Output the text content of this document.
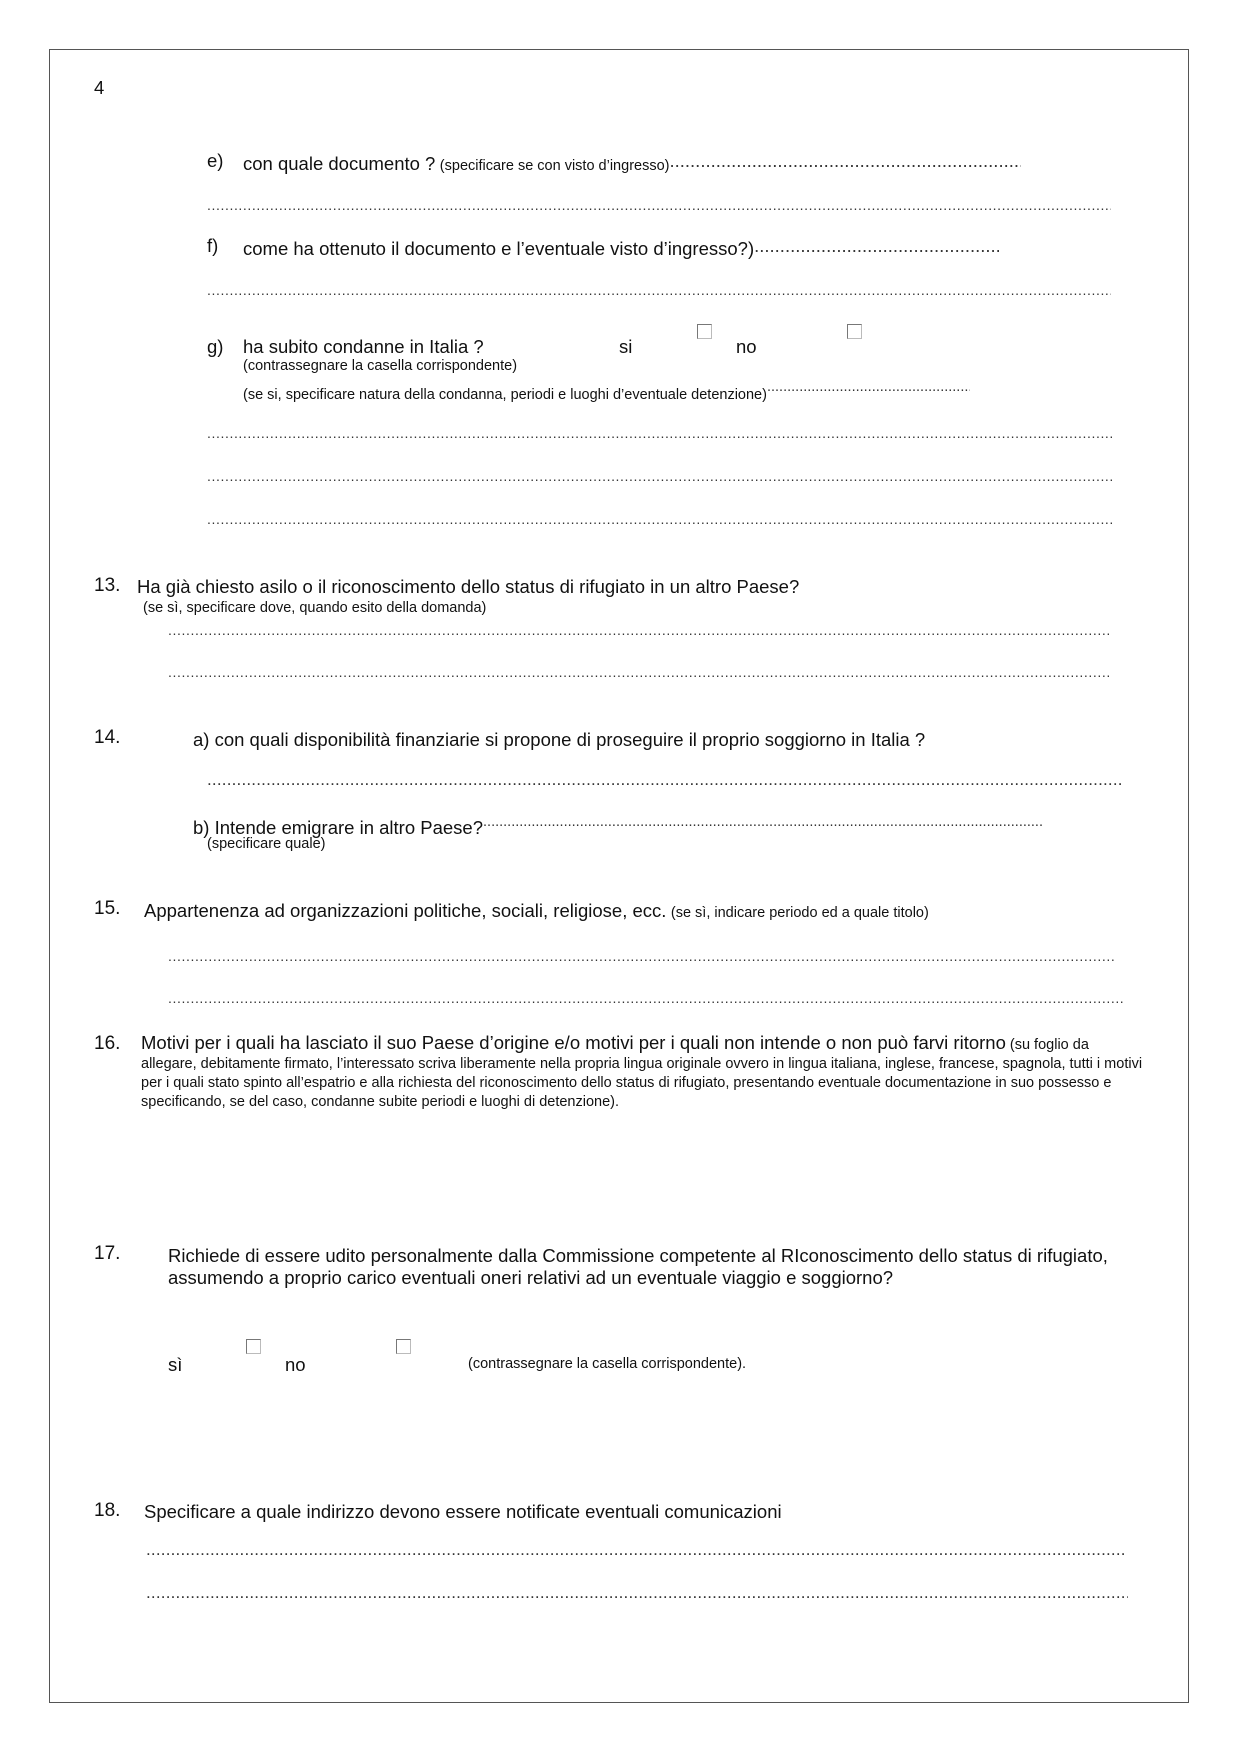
4
e) con quale documento ? (specificare se con visto d’ingresso).....
.....
f) come ha ottenuto il documento e l’eventuale visto d’ingresso?).....
.....
g) ha subito condanne in Italia ?	si	no
(contrassegnare la casella corrispondente)
(se si, specificare natura della condanna, periodi e luoghi d’eventuale detenzione).....
.....
.....
.....
13. Ha già chiesto asilo o il riconoscimento dello status di rifugiato in un altro Paese?
(se sì, specificare dove, quando esito della domanda)
.....
.....
14.	a) con quali disponibilità finanziarie si propone di proseguire il proprio soggiorno in Italia ?
.....
b) Intende emigrare in altro Paese?.....
(specificare quale)
15. Appartenenza ad organizzazioni politiche, sociali, religiose, ecc. (se sì, indicare periodo ed a quale titolo)
.....
.....
16. Motivi per i quali ha lasciato il suo Paese d’origine e/o motivi per i quali non intende o non può farvi ritorno (su foglio da allegare, debitamente firmato, l’interessato scriva liberamente nella propria lingua originale ovvero in lingua italiana, inglese, francese, spagnola, tutti i motivi per i quali stato spinto all’espatrio e alla richiesta del riconoscimento dello status di rifugiato, presentando eventuale documentazione in suo possesso e specificando, se del caso, condanne subite periodi e luoghi di detenzione).
17.	Richiede di essere udito personalmente dalla Commissione competente al RIconoscimento dello status di rifugiato, assumendo a proprio carico eventuali oneri relativi ad un eventuale viaggio e soggiorno?
sì	no	(contrassegnare la casella corrispondente).
18. Specificare a quale indirizzo devono essere notificate eventuali comunicazioni
.....
.....
